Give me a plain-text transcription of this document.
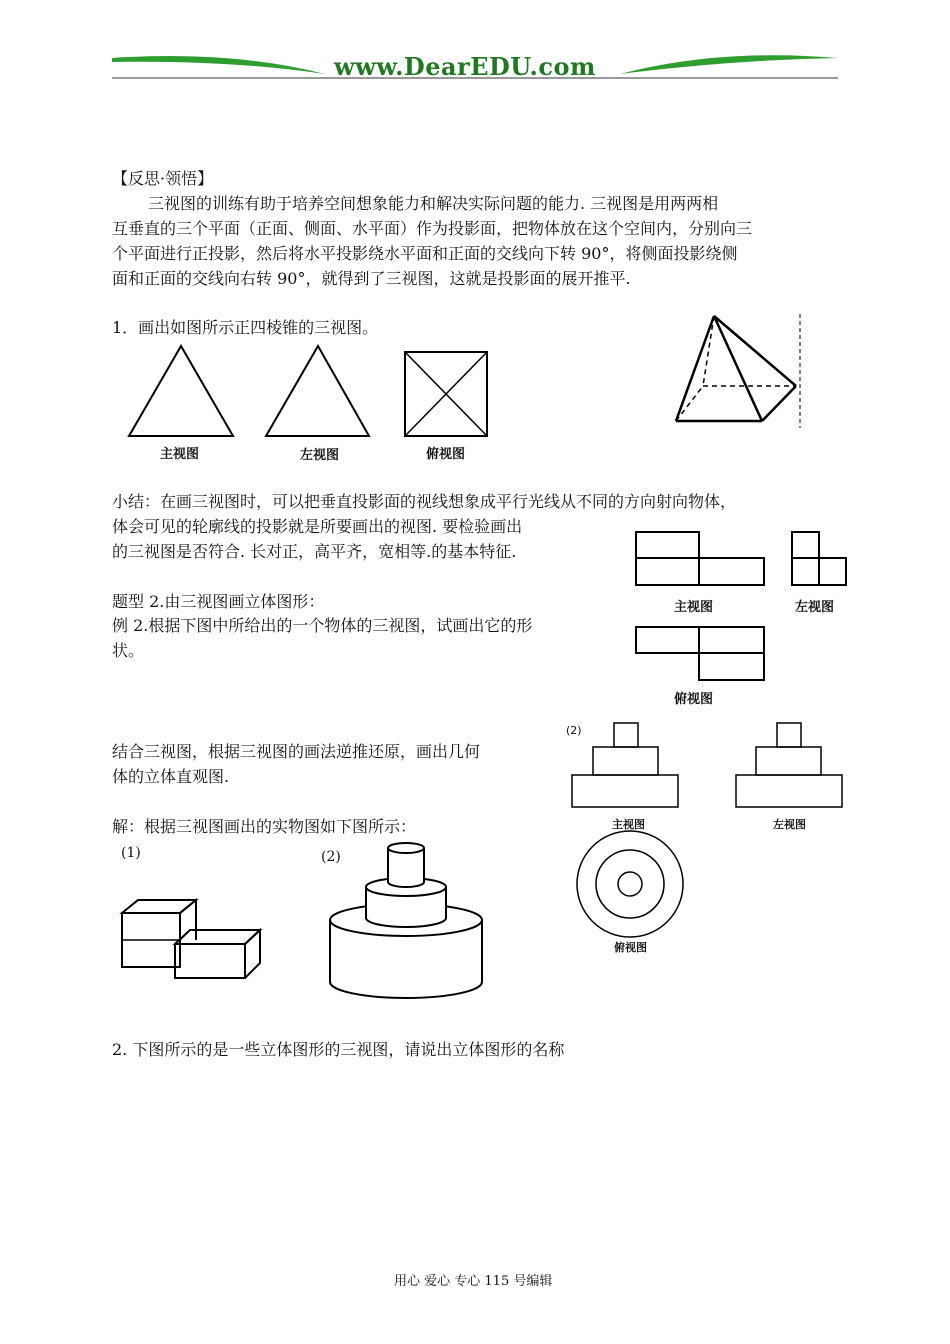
www.DearEDU.com
【反思·领悟】
三视图的训练有助于培养空间想象能力和解决实际问题的能力. 三视图是用两两相
互垂直的三个平面（正面、侧面、水平面）作为投影面，把物体放在这个空间内，分别向三
个平面进行正投影，然后将水平投影绕水平面和正面的交线向下转 90°，将侧面投影绕侧
面和正面的交线向右转 90°，就得到了三视图，这就是投影面的展开推平.
1．画出如图所示正四棱锥的三视图。
主视图	左视图	俯视图
小结：在画三视图时，可以把垂直投影面的视线想象成平行光线从不同的方向射向物体，
体会可见的轮廓线的投影就是所要画出的视图. 要检验画出
的三视图是否符合. 长对正，高平齐，宽相等.的基本特征.
题型 2.由三视图画立体图形：
例 2.根据下图中所给出的一个物体的三视图，试画出它的形
状。
主视图	左视图
俯视图
(2)
主视图	左视图
俯视图
结合三视图，根据三视图的画法逆推还原，画出几何
体的立体直观图.
解：根据三视图画出的实物图如下图所示：
(1)	(2)
2. 下图所示的是一些立体图形的三视图，请说出立体图形的名称
用心 爱心 专心 115 号编辑
